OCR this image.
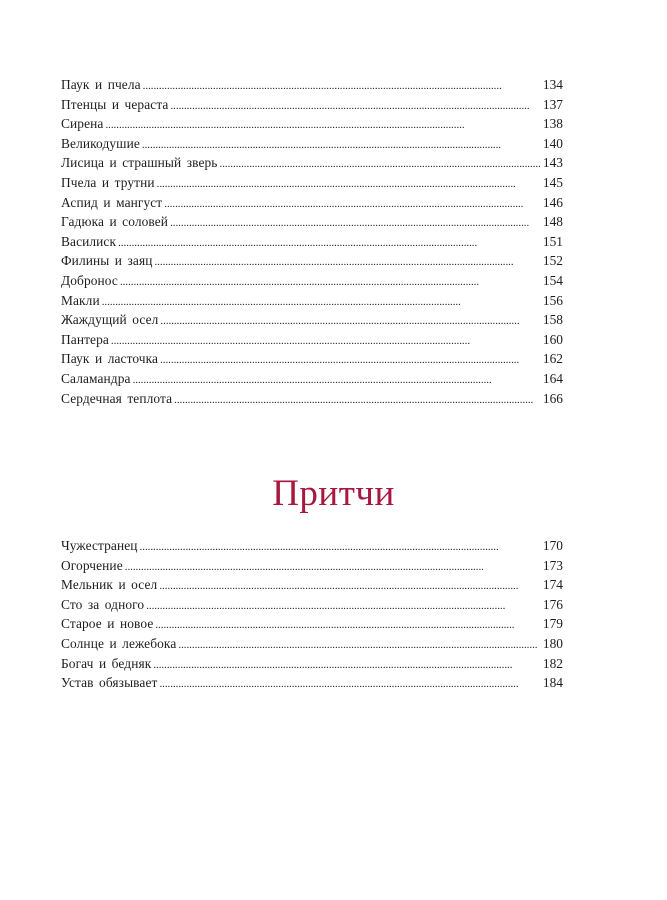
Паук и пчела . . .	134
Птенцы и чераста . . .	137
Сирена . . .	138
Великодушие . . .	140
Лисица и страшный зверь . . .	143
Пчела и трутни . . .	145
Аспид и мангуст . . .	146
Гадюка и соловей . . .	148
Василиск . . .	151
Филины и заяц . . .	152
Добронос . . .	154
Макли . . .	156
Жаждущий осел . . .	158
Пантера . . .	160
Паук и ласточка . . .	162
Саламандра . . .	164
Сердечная теплота . . .	166
Притчи
Чужестранец . . .	170
Огорчение . . .	173
Мельник и осел . . .	174
Сто за одного . . .	176
Старое и новое . . .	179
Солнце и лежебока . . .	180
Богач и бедняк . . .	182
Устав обязывает . . .	184
